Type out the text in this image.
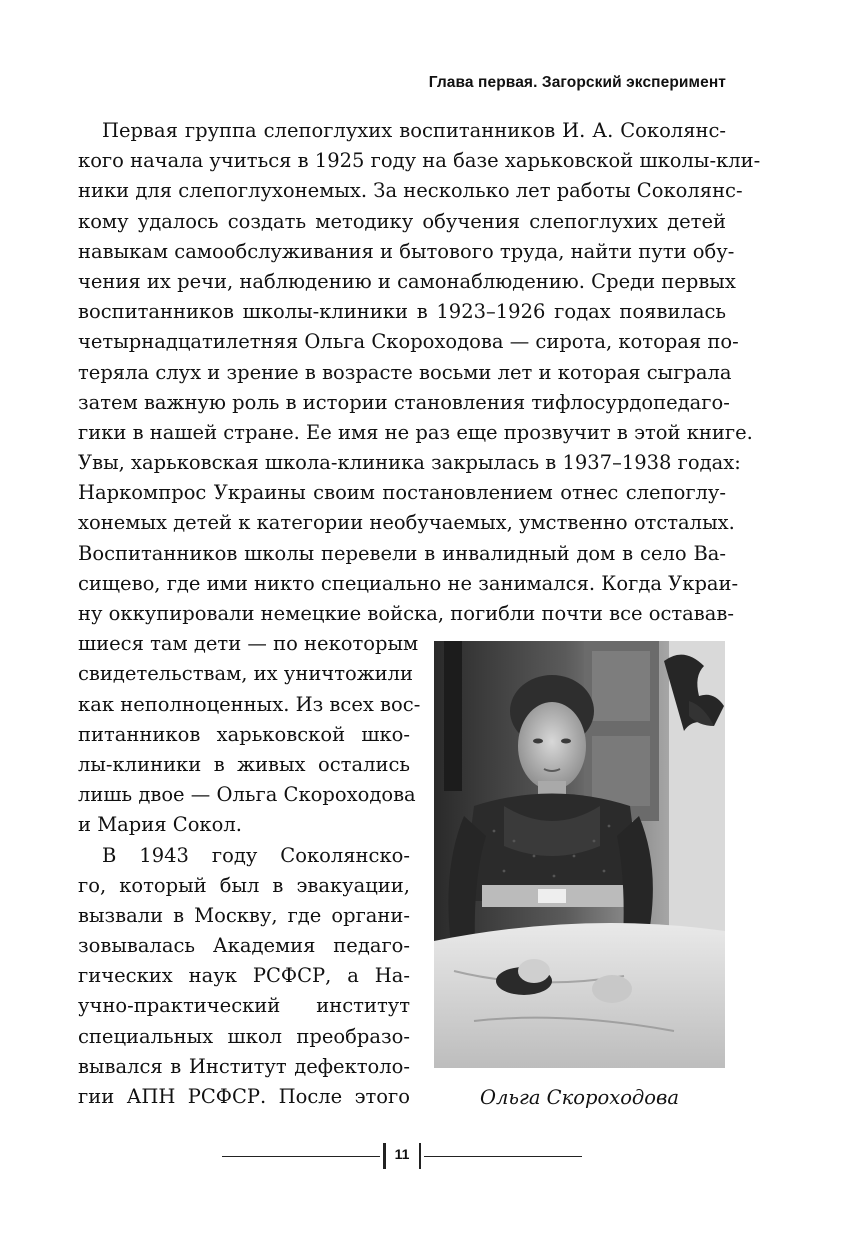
Глава первая. Загорский эксперимент
Первая группа слепоглухих воспитанников И. А. Соколянс-
кого начала учиться в 1925 году на базе харьковской школы-кли-
ники для слепоглухонемых. За несколько лет работы Соколянс-
кому удалось создать методику обучения слепоглухих детей
навыкам самообслуживания и бытового труда, найти пути обу-
чения их речи, наблюдению и самонаблюдению. Среди первых
воспитанников школы-клиники в 1923–1926 годах появилась
четырнадцатилетняя Ольга Скороходова — сирота, которая по-
теряла слух и зрение в возрасте восьми лет и которая сыграла
затем важную роль в истории становления тифлосурдопедаго-
гики в нашей стране. Ее имя не раз еще прозвучит в этой книге.
Увы, харьковская школа-клиника закрылась в 1937–1938 годах:
Наркомпрос Украины своим постановлением отнес слепоглу-
хонемых детей к категории необучаемых, умственно отсталых.
Воспитанников школы перевели в инвалидный дом в село Ва-
сищево, где ими никто специально не занимался. Когда Украи-
ну оккупировали немецкие войска, погибли почти все оставав-
шиеся там дети — по некоторым
свидетельствам, их уничтожили
как неполноценных. Из всех вос-
питанников харьковской шко-
лы-клиники в живых остались
лишь двое — Ольга Скороходова
и Мария Сокол.
В 1943 году Соколянско-
го, который был в эвакуации,
вызвали в Москву, где органи-
зовывалась Академия педаго-
гических наук РСФСР, а На-
учно-практический институт
специальных школ преобразо-
вывался в Институт дефектоло-
гии АПН РСФСР. После этого	Ольга Скороходова
11
